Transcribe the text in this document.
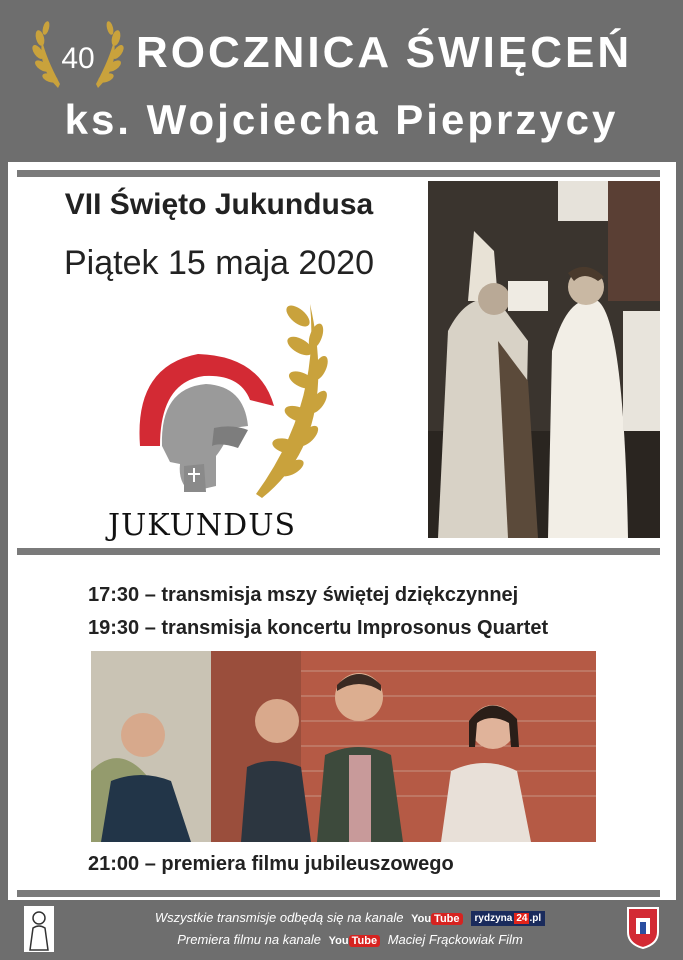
40 ROCZNICA ŚWIĘCEŃ
ks. Wojciecha Pieprzycy
VII Święto Jukundusa
Piątek 15 maja 2020
JUKUNDUS
17:30 – transmisja mszy świętej dziękczynnej
19:30 – transmisja koncertu Improsonus Quartet
21:00 – premiera filmu jubileuszowego
Wszystkie transmisje odbędą się na kanale You Tube rydzyna 24 .pl
Premiera filmu na kanale You Tube Maciej Frąckowiak Film
